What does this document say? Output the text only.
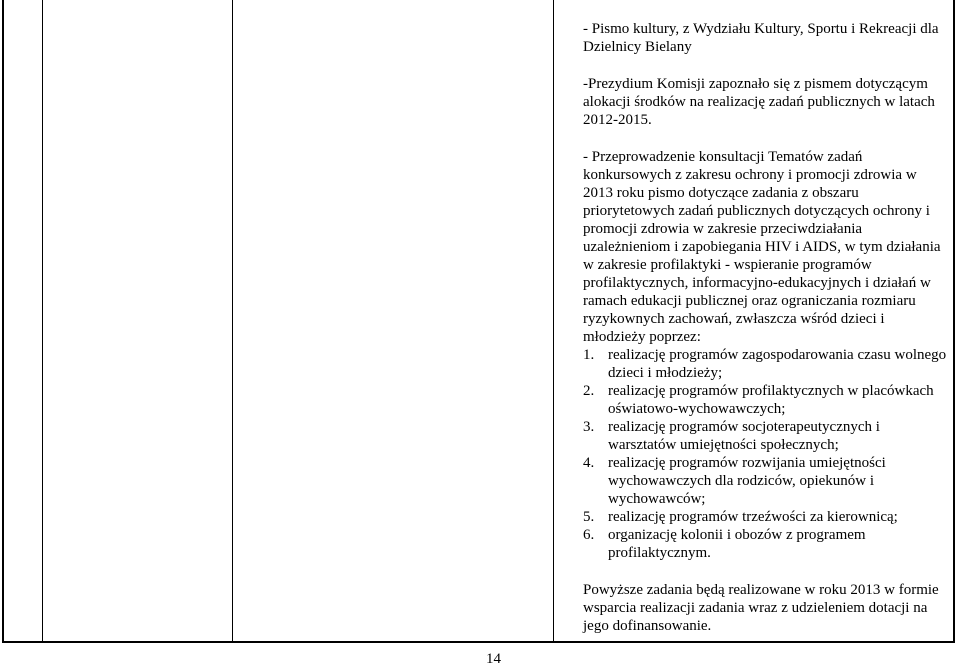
- Pismo kultury, z Wydziału Kultury, Sportu i Rekreacji dla Dzielnicy Bielany

-Prezydium Komisji zapoznało się z pismem dotyczącym alokacji środków na realizację zadań publicznych w latach 2012-2015.

- Przeprowadzenie konsultacji Tematów zadań konkursowych z zakresu ochrony i promocji zdrowia w 2013 roku pismo dotyczące zadania z obszaru priorytetowych zadań publicznych dotyczących ochrony i promocji zdrowia w zakresie przeciwdziałania uzależnieniom i zapobiegania HIV i AIDS, w tym działania w zakresie profilaktyki - wspieranie programów profilaktycznych, informacyjno-edukacyjnych i działań w ramach edukacji publicznej oraz ograniczania rozmiaru ryzykownych zachowań, zwłaszcza wśród dzieci i młodzieży poprzez:

1. realizację programów zagospodarowania czasu wolnego dzieci i młodzieży;
2. realizację programów profilaktycznych w placówkach oświatowo-wychowawczych;
3. realizację programów socjoterapeutycznych i warsztatów umiejętności społecznych;
4. realizację programów rozwijania umiejętności wychowawczych dla rodziców, opiekunów i wychowawców;
5. realizację programów trzeźwości za kierownicą;
6. organizację kolonii i obozów z programem profilaktycznym.

Powyższe zadania będą realizowane w roku 2013 w formie wsparcia realizacji zadania wraz z udzieleniem dotacji na jego dofinansowanie.

14
